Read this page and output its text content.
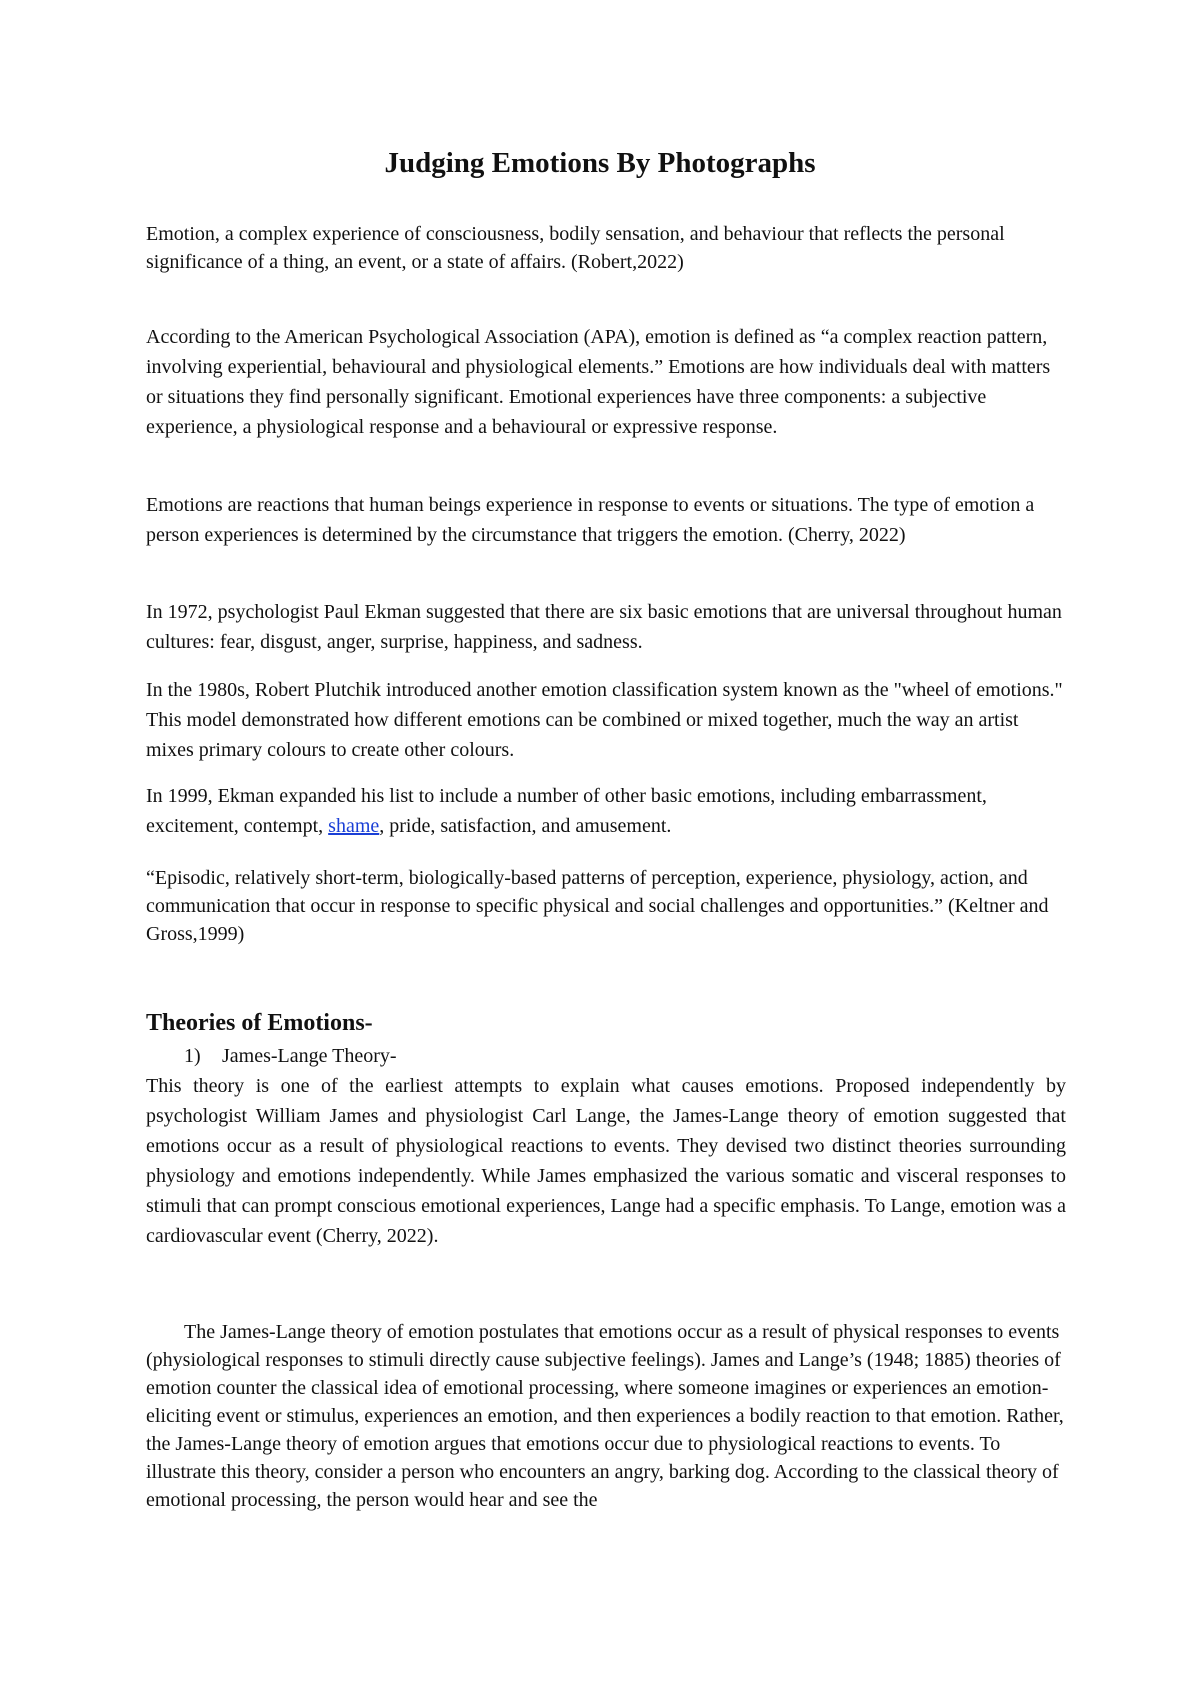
Judging Emotions By Photographs

Emotion, a complex experience of consciousness, bodily sensation, and behaviour that reflects the personal significance of a thing, an event, or a state of affairs. (Robert,2022)

According to the American Psychological Association (APA), emotion is defined as “a complex reaction pattern, involving experiential, behavioural and physiological elements.” Emotions are how individuals deal with matters or situations they find personally significant. Emotional experiences have three components: a subjective experience, a physiological response and a behavioural or expressive response.

Emotions are reactions that human beings experience in response to events or situations. The type of emotion a person experiences is determined by the circumstance that triggers the emotion. (Cherry, 2022)

In 1972, psychologist Paul Ekman suggested that there are six basic emotions that are universal throughout human cultures: fear, disgust, anger, surprise, happiness, and sadness.

In the 1980s, Robert Plutchik introduced another emotion classification system known as the "wheel of emotions." This model demonstrated how different emotions can be combined or mixed together, much the way an artist mixes primary colours to create other colours.

In 1999, Ekman expanded his list to include a number of other basic emotions, including embarrassment, excitement, contempt, shame, pride, satisfaction, and amusement.

“Episodic, relatively short-term, biologically-based patterns of perception, experience, physiology, action, and communication that occur in response to specific physical and social challenges and opportunities.” (Keltner and Gross,1999)

Theories of Emotions-
1) James-Lange Theory-

This theory is one of the earliest attempts to explain what causes emotions. Proposed independently by psychologist William James and physiologist Carl Lange, the James-Lange theory of emotion suggested that emotions occur as a result of physiological reactions to events. They devised two distinct theories surrounding physiology and emotions independently. While James emphasized the various somatic and visceral responses to stimuli that can prompt conscious emotional experiences, Lange had a specific emphasis. To Lange, emotion was a cardiovascular event (Cherry, 2022).

The James-Lange theory of emotion postulates that emotions occur as a result of physical responses to events (physiological responses to stimuli directly cause subjective feelings). James and Lange’s (1948; 1885) theories of emotion counter the classical idea of emotional processing, where someone imagines or experiences an emotion-eliciting event or stimulus, experiences an emotion, and then experiences a bodily reaction to that emotion. Rather, the James-Lange theory of emotion argues that emotions occur due to physiological reactions to events. To illustrate this theory, consider a person who encounters an angry, barking dog. According to the classical theory of emotional processing, the person would hear and see the
